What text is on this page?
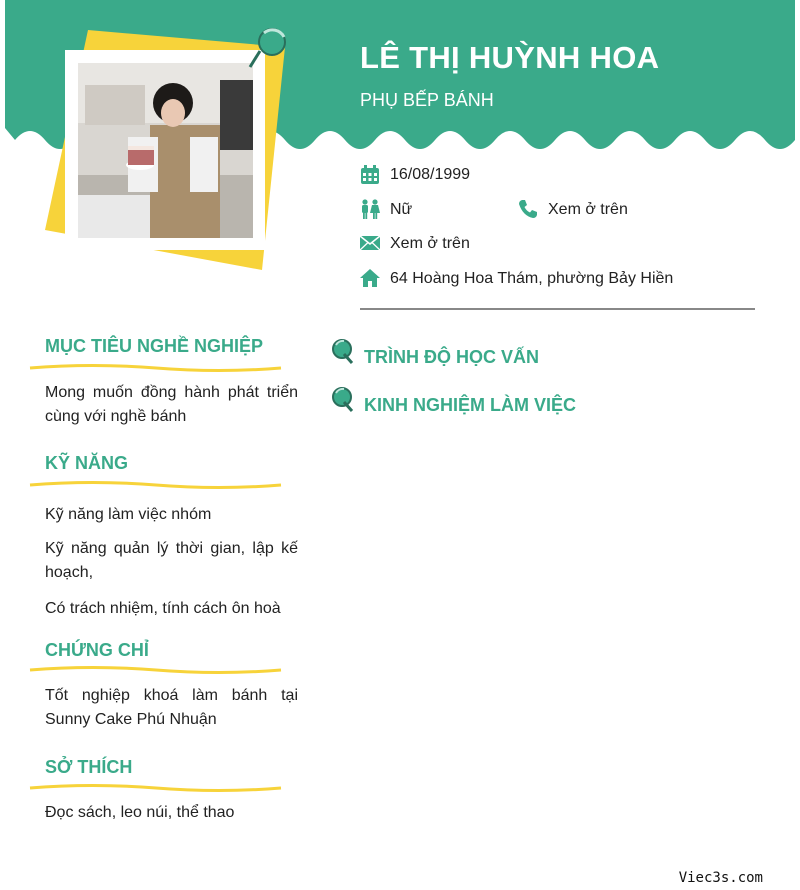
LÊ THỊ HUỲNH HOA
PHỤ BẾP BÁNH
16/08/1999
Nữ	Xem ở trên
Xem ở trên
64 Hoàng Hoa Thám, phường Bảy Hiền
MỤC TIÊU NGHỀ NGHIỆP
Mong muốn đồng hành phát triển cùng với nghề bánh
KỸ NĂNG
Kỹ năng làm việc nhóm
Kỹ năng quản lý thời gian, lập kế hoạch,
Có trách nhiệm, tính cách ôn hoà
CHỨNG CHỈ
Tốt nghiệp khoá làm bánh tại Sunny Cake Phú Nhuận
SỞ THÍCH
Đọc sách, leo núi, thể thao
TRÌNH ĐỘ HỌC VẤN
KINH NGHIỆM LÀM VIỆC
Viec3s.com
